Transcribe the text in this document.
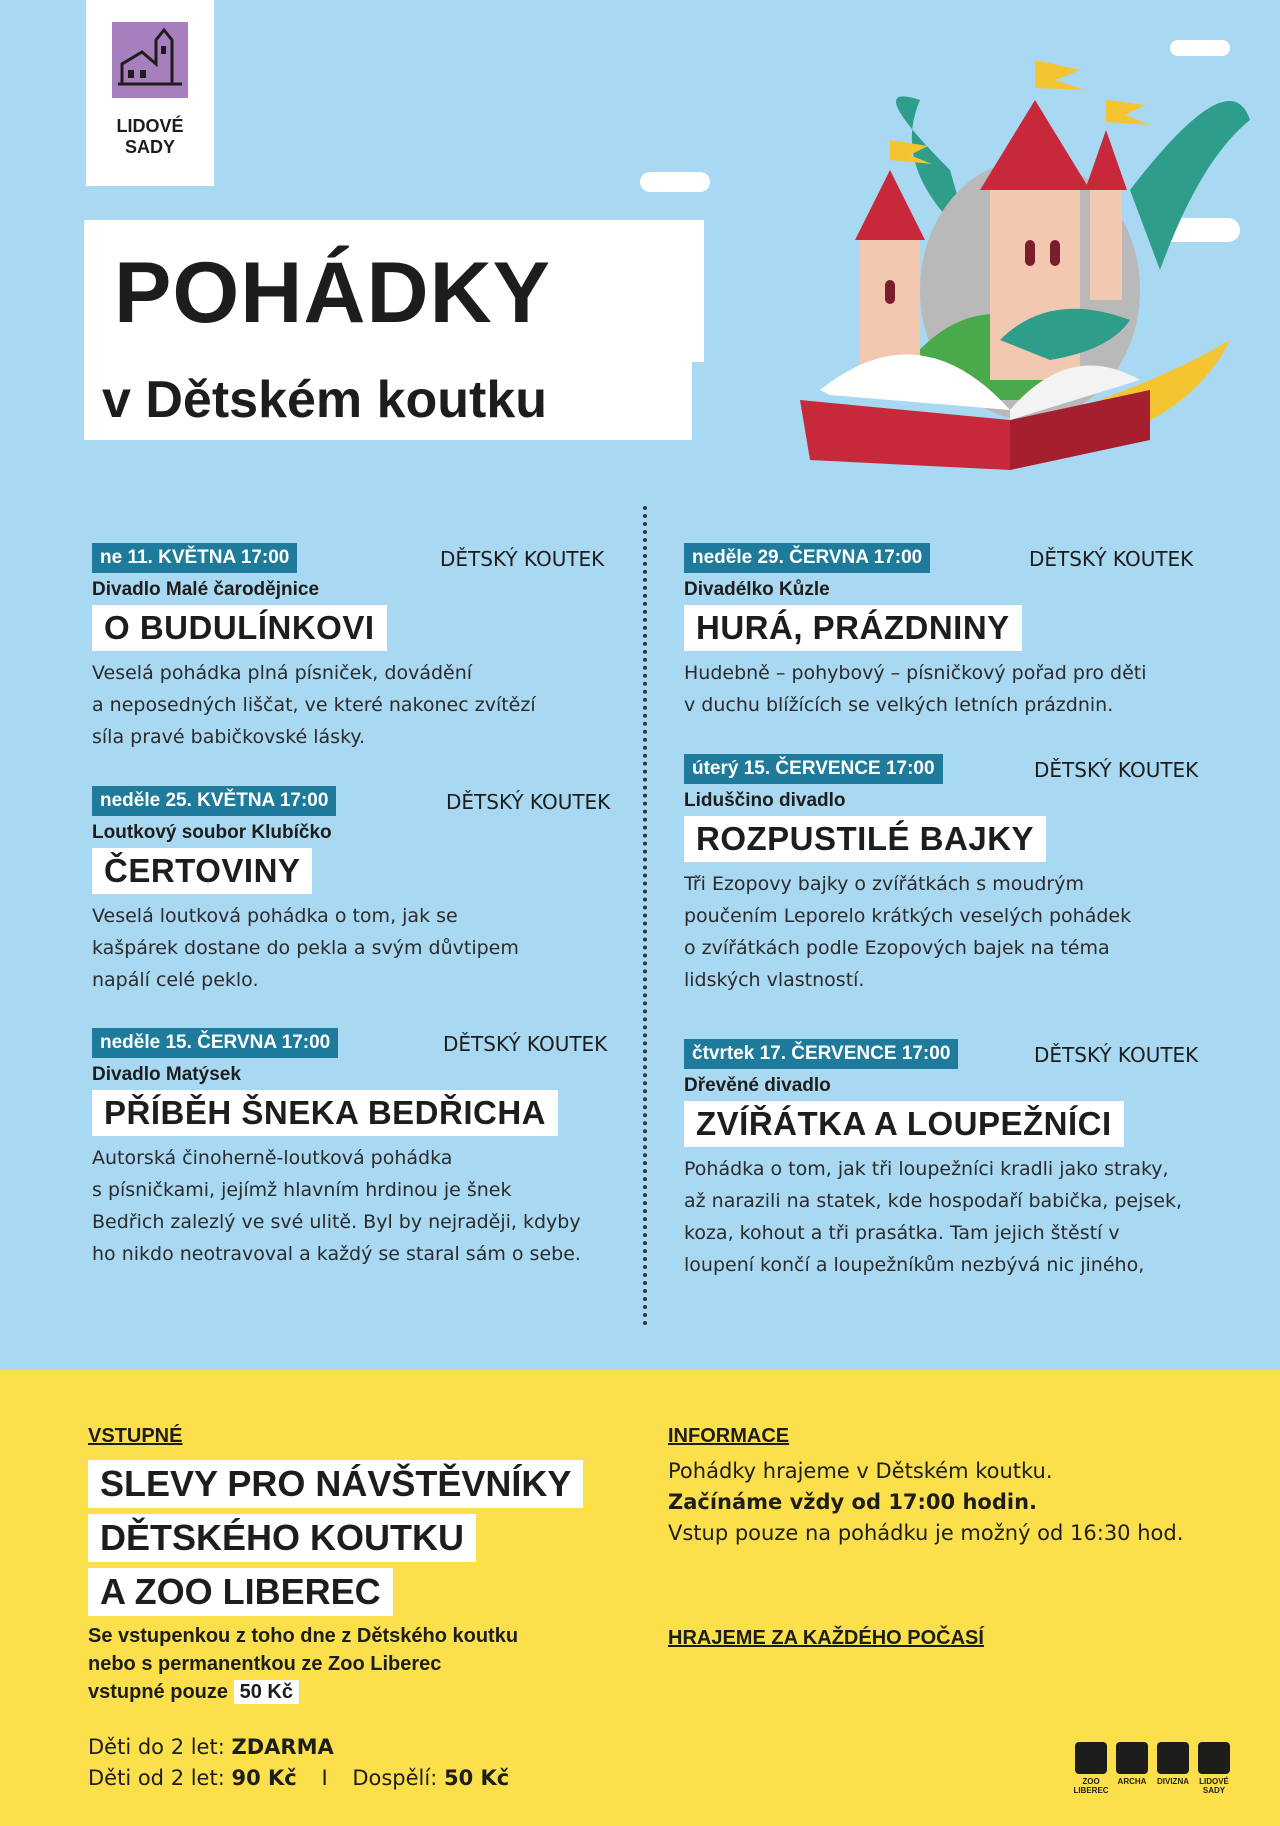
LIDOVÉ
SADY
POHÁDKY
v Dětském koutku
ne 11. KVĚTNA 17:00	DĚTSKÝ KOUTEK
Divadlo Malé čarodějnice
O BUDULÍNKOVI
Veselá pohádka plná písniček, dovádění
a neposedných liščat, ve které nakonec zvítězí
síla pravé babičkovské lásky.
neděle 25. KVĚTNA 17:00	DĚTSKÝ KOUTEK
Loutkový soubor Klubíčko
ČERTOVINY
Veselá loutková pohádka o tom, jak se
kašpárek dostane do pekla a svým důvtipem
napálí celé peklo.
neděle 15. ČERVNA 17:00	DĚTSKÝ KOUTEK
Divadlo Matýsek
PŘÍBĚH ŠNEKA BEDŘICHA
Autorská činoherně-loutková pohádka
s písničkami, jejímž hlavním hrdinou je šnek
Bedřich zalezlý ve své ulitě. Byl by nejraději, kdyby
ho nikdo neotravoval a každý se staral sám o sebe.
neděle 29. ČERVNA 17:00	DĚTSKÝ KOUTEK
Divadélko Kůzle
HURÁ, PRÁZDNINY
Hudebně – pohybový – písničkový pořad pro děti
v duchu blížících se velkých letních prázdnin.
úterý 15. ČERVENCE 17:00	DĚTSKÝ KOUTEK
Liduščino divadlo
ROZPUSTILÉ BAJKY
Tři Ezopovy bajky o zvířátkách s moudrým
poučením Leporelo krátkých veselých pohádek
o zvířátkách podle Ezopových bajek na téma
lidských vlastností.
čtvrtek 17. ČERVENCE 17:00	DĚTSKÝ KOUTEK
Dřevěné divadlo
ZVÍŘÁTKA A LOUPEŽNÍCI
Pohádka o tom, jak tři loupežníci kradli jako straky,
až narazili na statek, kde hospodaří babička, pejsek,
koza, kohout a tři prasátka. Tam jejich štěstí v
loupení končí a loupežníkům nezbývá nic jiného,
VSTUPNÉ
SLEVY PRO NÁVŠTĚVNÍKY
DĚTSKÉHO KOUTKU
A ZOO LIBEREC
Se vstupenkou z toho dne z Dětského koutku
nebo s permanentkou ze Zoo Liberec
vstupné pouze 50 Kč
Děti do 2 let: ZDARMA
Děti od 2 let: 90 Kč I Dospělí: 50 Kč
INFORMACE
Pohádky hrajeme v Dětském koutku.
Začínáme vždy od 17:00 hodin.
Vstup pouze na pohádku je možný od 16:30 hod.
HRAJEME ZA KAŽDÉHO POČASÍ
ZOO
LIBEREC
ARCHA	DIVIZNA	LIDOVÉ
SADY
